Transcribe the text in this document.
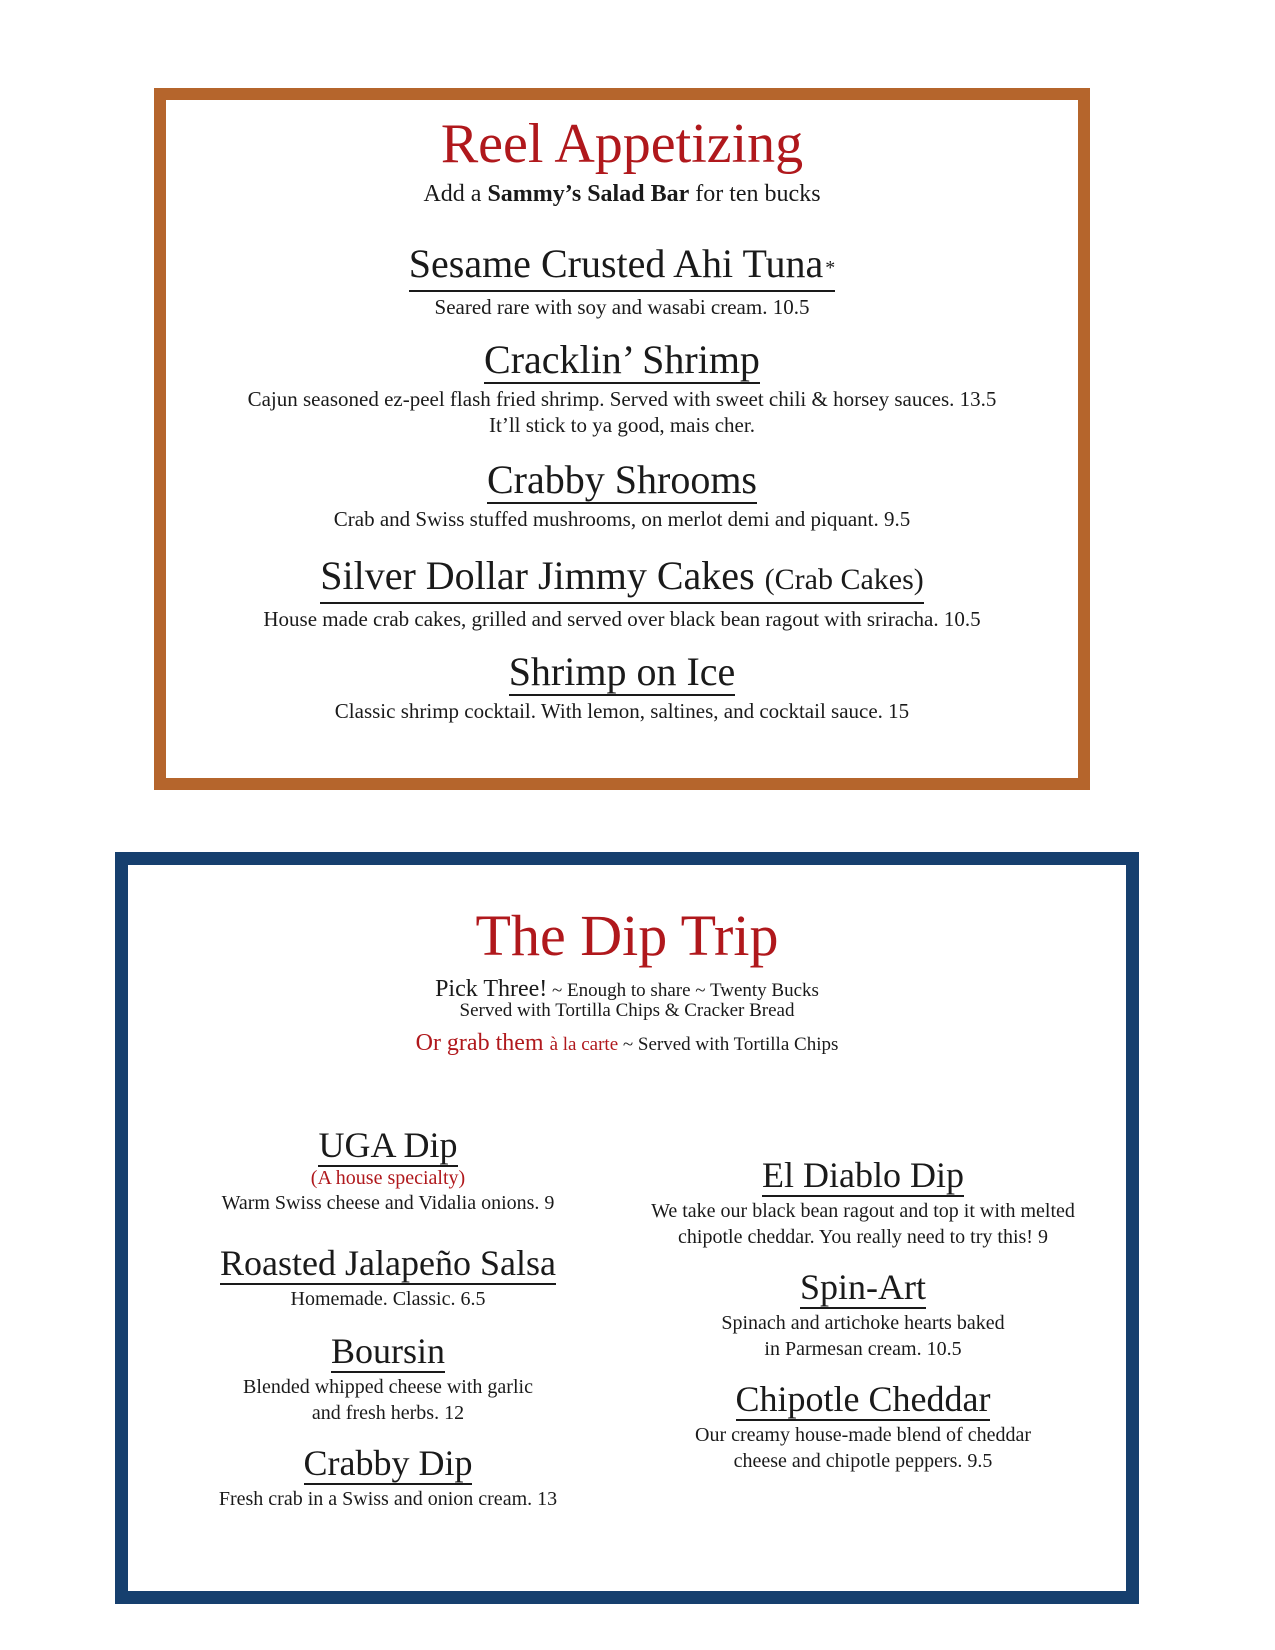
Reel Appetizing
Add a Sammy’s Salad Bar for ten bucks
Sesame Crusted Ahi Tuna *
Seared rare with soy and wasabi cream. 10.5
Cracklin’ Shrimp
Cajun seasoned ez-peel flash fried shrimp. Served with sweet chili & horsey sauces. 13.5
It’ll stick to ya good, mais cher.
Crabby Shrooms
Crab and Swiss stuffed mushrooms, on merlot demi and piquant. 9.5
Silver Dollar Jimmy Cakes (Crab Cakes)
House made crab cakes, grilled and served over black bean ragout with sriracha. 10.5
Shrimp on Ice
Classic shrimp cocktail. With lemon, saltines, and cocktail sauce. 15
The Dip Trip
Pick Three! ~ Enough to share ~ Twenty Bucks
Served with Tortilla Chips & Cracker Bread
Or grab them à la carte ~ Served with Tortilla Chips
UGA Dip
(A house specialty)
Warm Swiss cheese and Vidalia onions. 9
Roasted Jalapeño Salsa
Homemade. Classic. 6.5
Boursin
Blended whipped cheese with garlic
and fresh herbs. 12
Crabby Dip
Fresh crab in a Swiss and onion cream. 13
El Diablo Dip
We take our black bean ragout and top it with melted
chipotle cheddar. You really need to try this! 9
Spin-Art
Spinach and artichoke hearts baked
in Parmesan cream. 10.5
Chipotle Cheddar
Our creamy house-made blend of cheddar
cheese and chipotle peppers. 9.5
